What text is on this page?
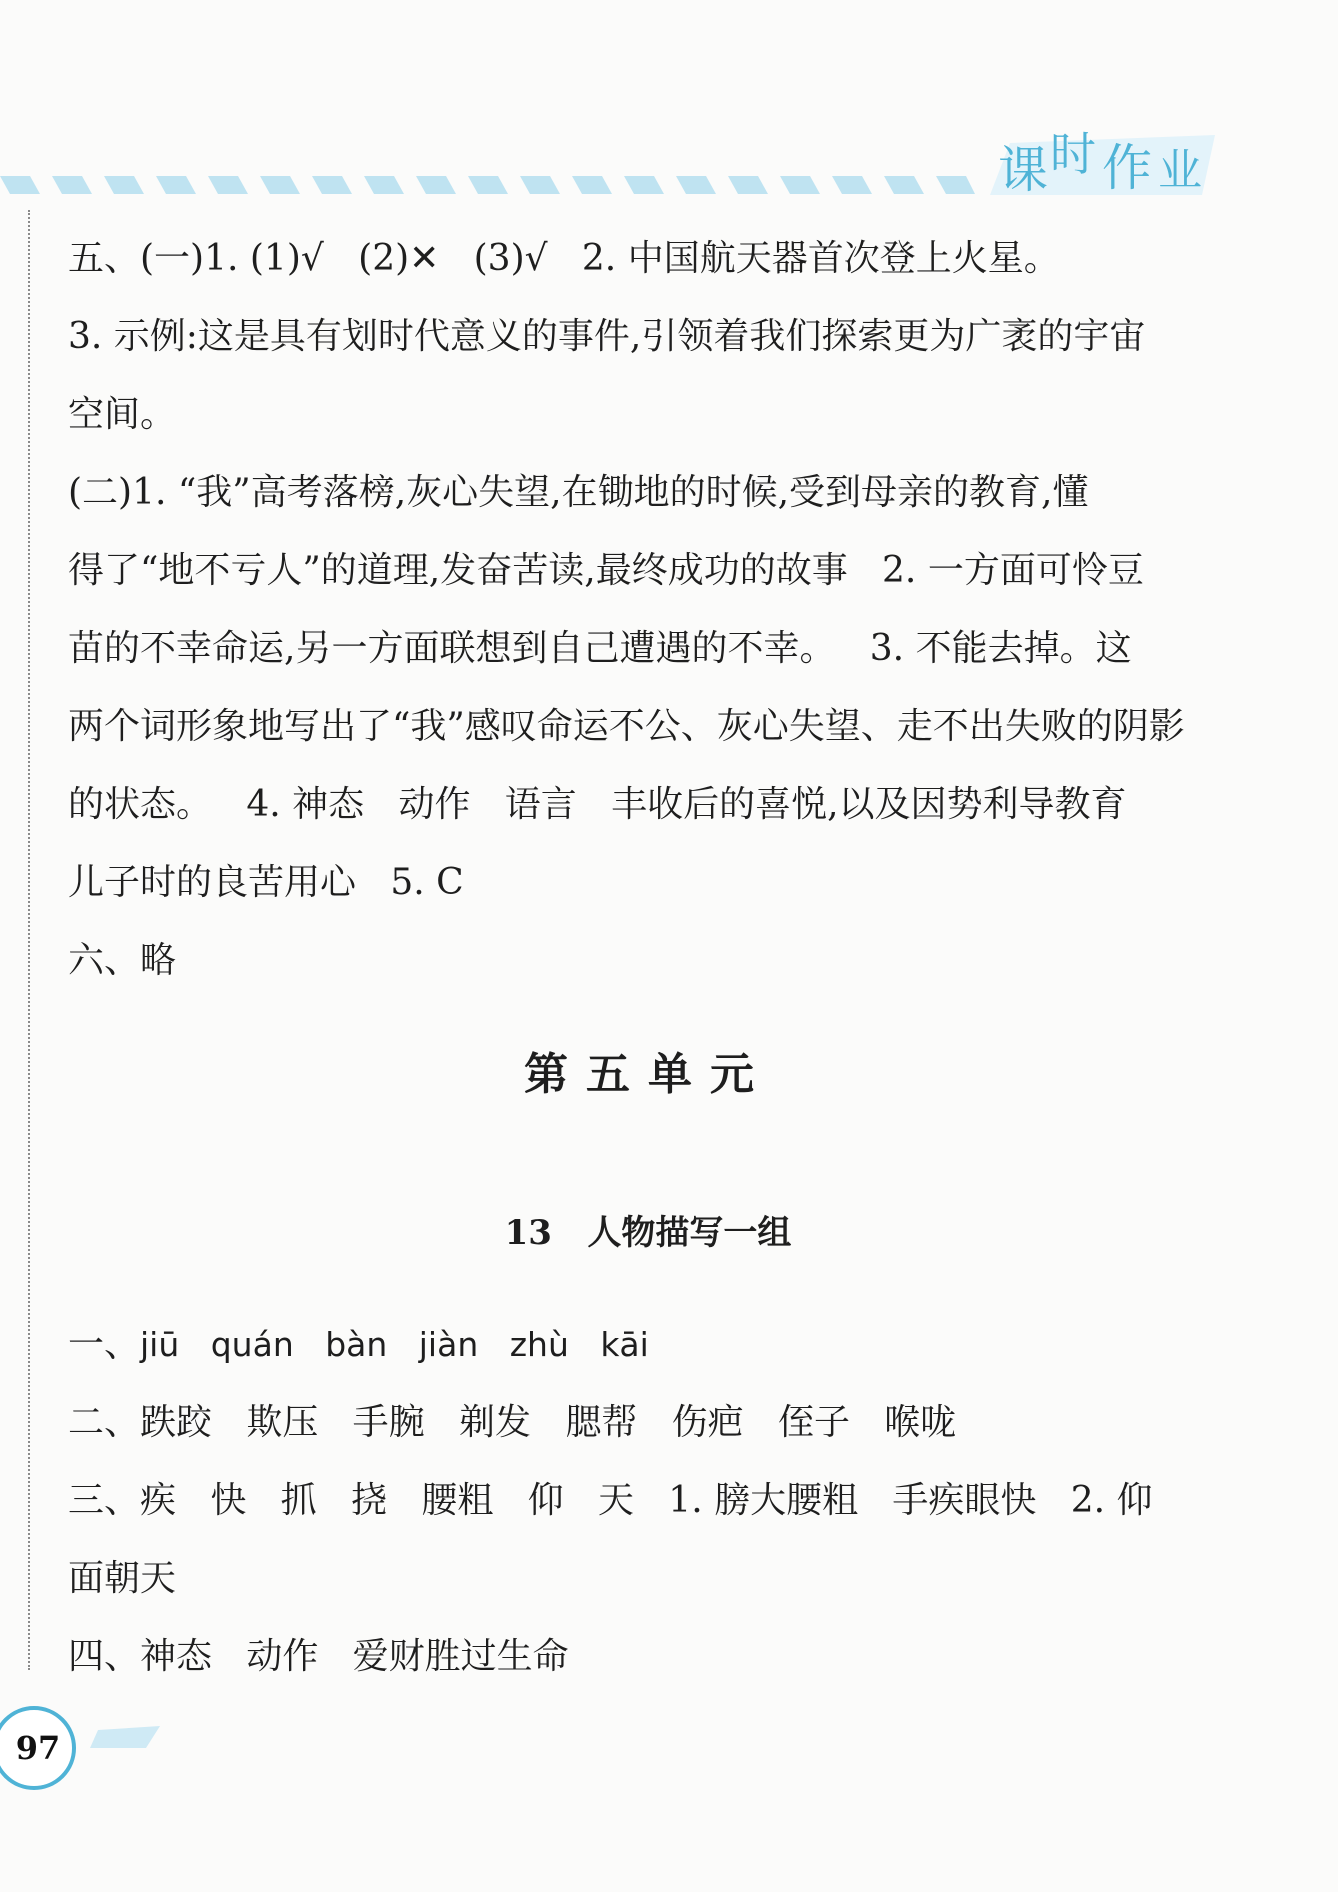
课 时 作 业
五、(一)1. (1)√   (2)✕   (3)√   2. 中国航天器首次登上火星。
3. 示例:这是具有划时代意义的事件,引领着我们探索更为广袤的宇宙
空间。
(二)1. “我”高考落榜,灰心失望,在锄地的时候,受到母亲的教育,懂
得了“地不亏人”的道理,发奋苦读,最终成功的故事   2. 一方面可怜豆
苗的不幸命运,另一方面联想到自己遭遇的不幸。   3. 不能去掉。这
两个词形象地写出了“我”感叹命运不公、灰心失望、走不出失败的阴影
的状态。   4. 神态   动作   语言   丰收后的喜悦,以及因势利导教育
儿子时的良苦用心   5. C
六、略
第五单元
13   人物描写一组
一、jiū   quán   bàn   jiàn   zhù   kāi
二、跌跤   欺压   手腕   剃发   腮帮   伤疤   侄子   喉咙
三、疾   快   抓   挠   腰粗   仰   天   1. 膀大腰粗   手疾眼快   2. 仰
面朝天
四、神态   动作   爱财胜过生命
97
